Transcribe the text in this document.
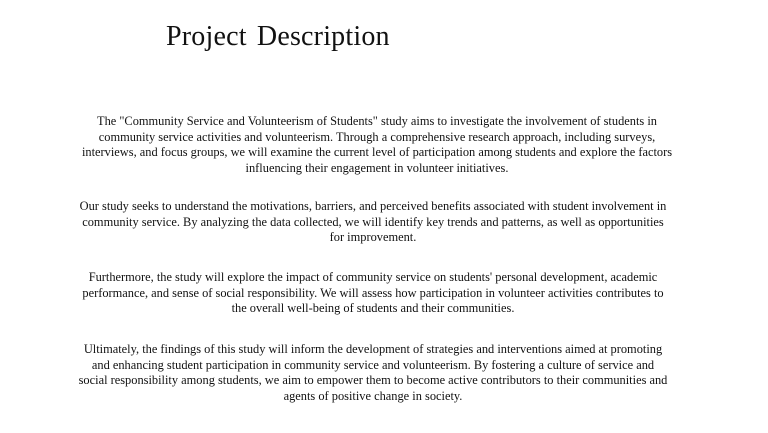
Project Description

The "Community Service and Volunteerism of Students" study aims to investigate the involvement of students in community service activities and volunteerism. Through a comprehensive research approach, including surveys, interviews, and focus groups, we will examine the current level of participation among students and explore the factors influencing their engagement in volunteer initiatives.

Our study seeks to understand the motivations, barriers, and perceived benefits associated with student involvement in community service. By analyzing the data collected, we will identify key trends and patterns, as well as opportunities for improvement.

Furthermore, the study will explore the impact of community service on students' personal development, academic performance, and sense of social responsibility. We will assess how participation in volunteer activities contributes to the overall well-being of students and their communities.

Ultimately, the findings of this study will inform the development of strategies and interventions aimed at promoting and enhancing student participation in community service and volunteerism. By fostering a culture of service and social responsibility among students, we aim to empower them to become active contributors to their communities and agents of positive change in society.
